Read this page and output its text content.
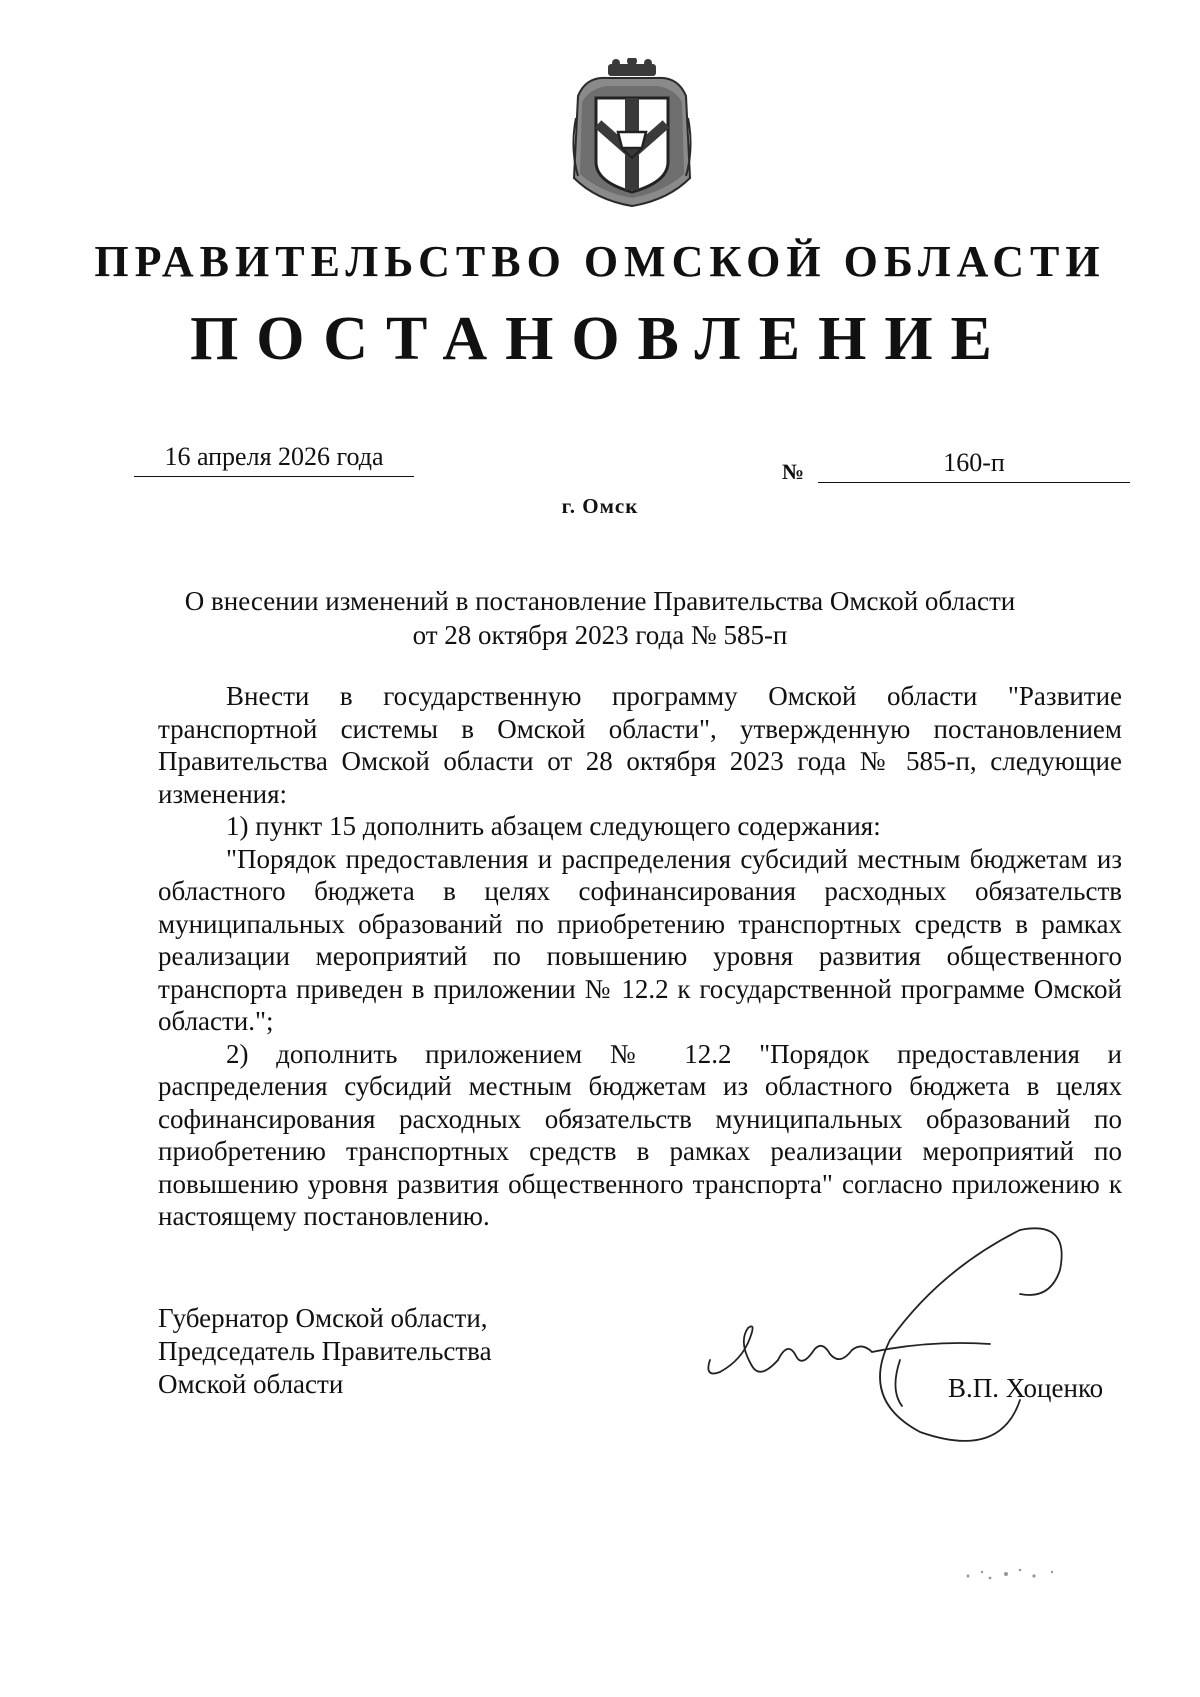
ПРАВИТЕЛЬСТВО ОМСКОЙ ОБЛАСТИ
ПОСТАНОВЛЕНИЕ
16 апреля 2026 года
№	160-п
г. Омск
О внесении изменений в постановление Правительства Омской области
от 28 октября 2023 года № 585-п

Внести в государственную программу Омской области "Развитие транспортной системы в Омской области", утвержденную постановлением Правительства Омской области от 28 октября 2023 года № 585-п, следующие изменения:

1) пункт 15 дополнить абзацем следующего содержания:

"Порядок предоставления и распределения субсидий местным бюджетам из областного бюджета в целях софинансирования расходных обязательств муниципальных образований по приобретению транспортных средств в рамках реализации мероприятий по повышению уровня развития общественного транспорта приведен в приложении № 12.2 к государственной программе Омской области.";

2) дополнить приложением № 12.2 "Порядок предоставления и распределения субсидий местным бюджетам из областного бюджета в целях софинансирования расходных обязательств муниципальных образований по приобретению транспортных средств в рамках реализации мероприятий по повышению уровня развития общественного транспорта" согласно приложению к настоящему постановлению.

Губернатор Омской области,
Председатель Правительства
Омской области	В.П. Хоценко
